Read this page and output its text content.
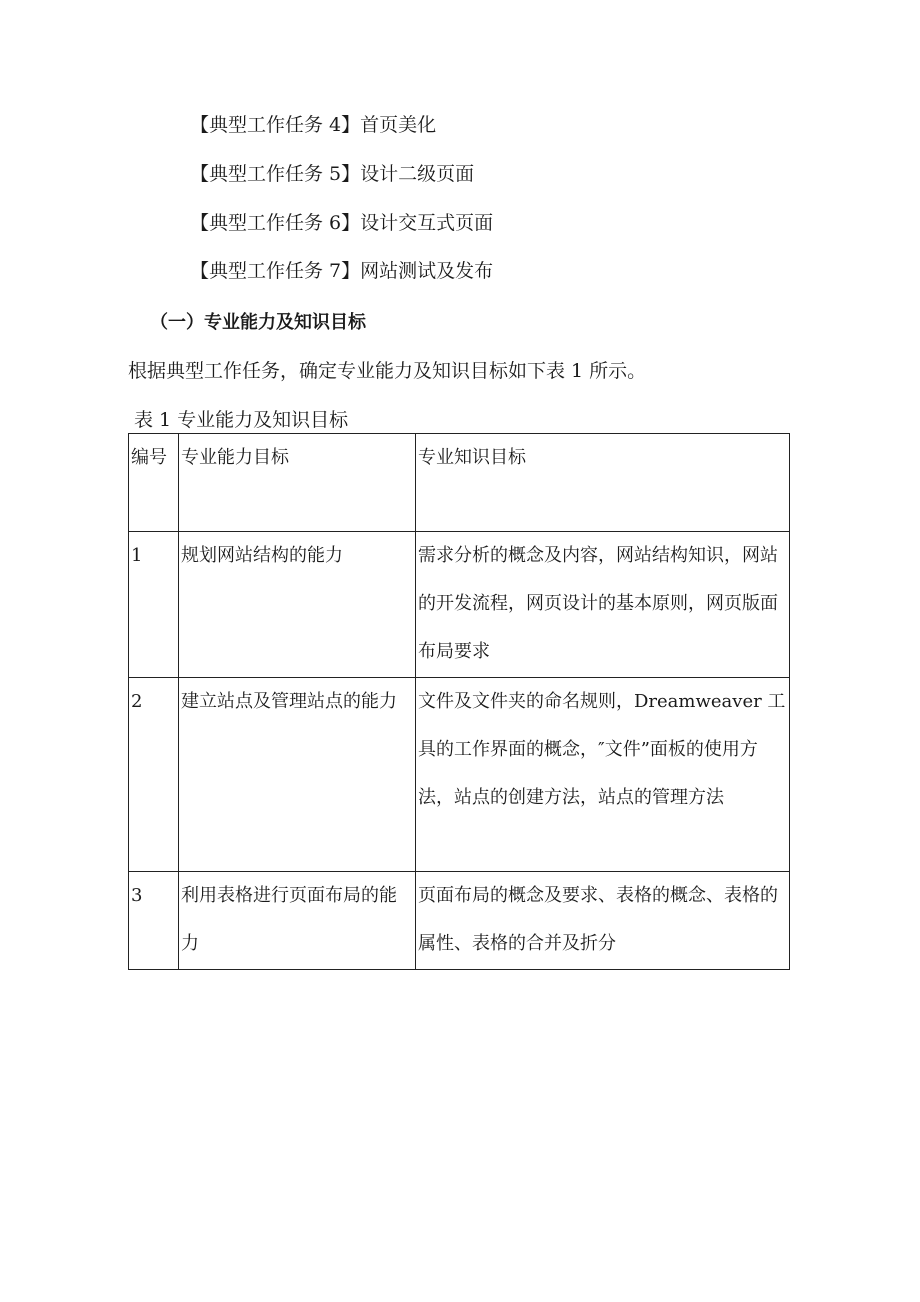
【典型工作任务 4】首页美化
【典型工作任务 5】设计二级页面
【典型工作任务 6】设计交互式页面
【典型工作任务 7】网站测试及发布
（一）专业能力及知识目标
根据典型工作任务，确定专业能力及知识目标如下表 1 所示。
表 1 专业能力及知识目标
编号	专业能力目标	专业知识目标

1	规划网站结构的能力	需求分析的概念及内容，网站结构知识，网站的开发流程，网页设计的基本原则，网页版面布局要求

2	建立站点及管理站点的能力	文件及文件夹的命名规则，Dreamweaver 工具的工作界面的概念，″文件”面板的使用方法，站点的创建方法，站点的管理方法

3	利用表格进行页面布局的能力	页面布局的概念及要求、表格的概念、表格的属性、表格的合并及折分
